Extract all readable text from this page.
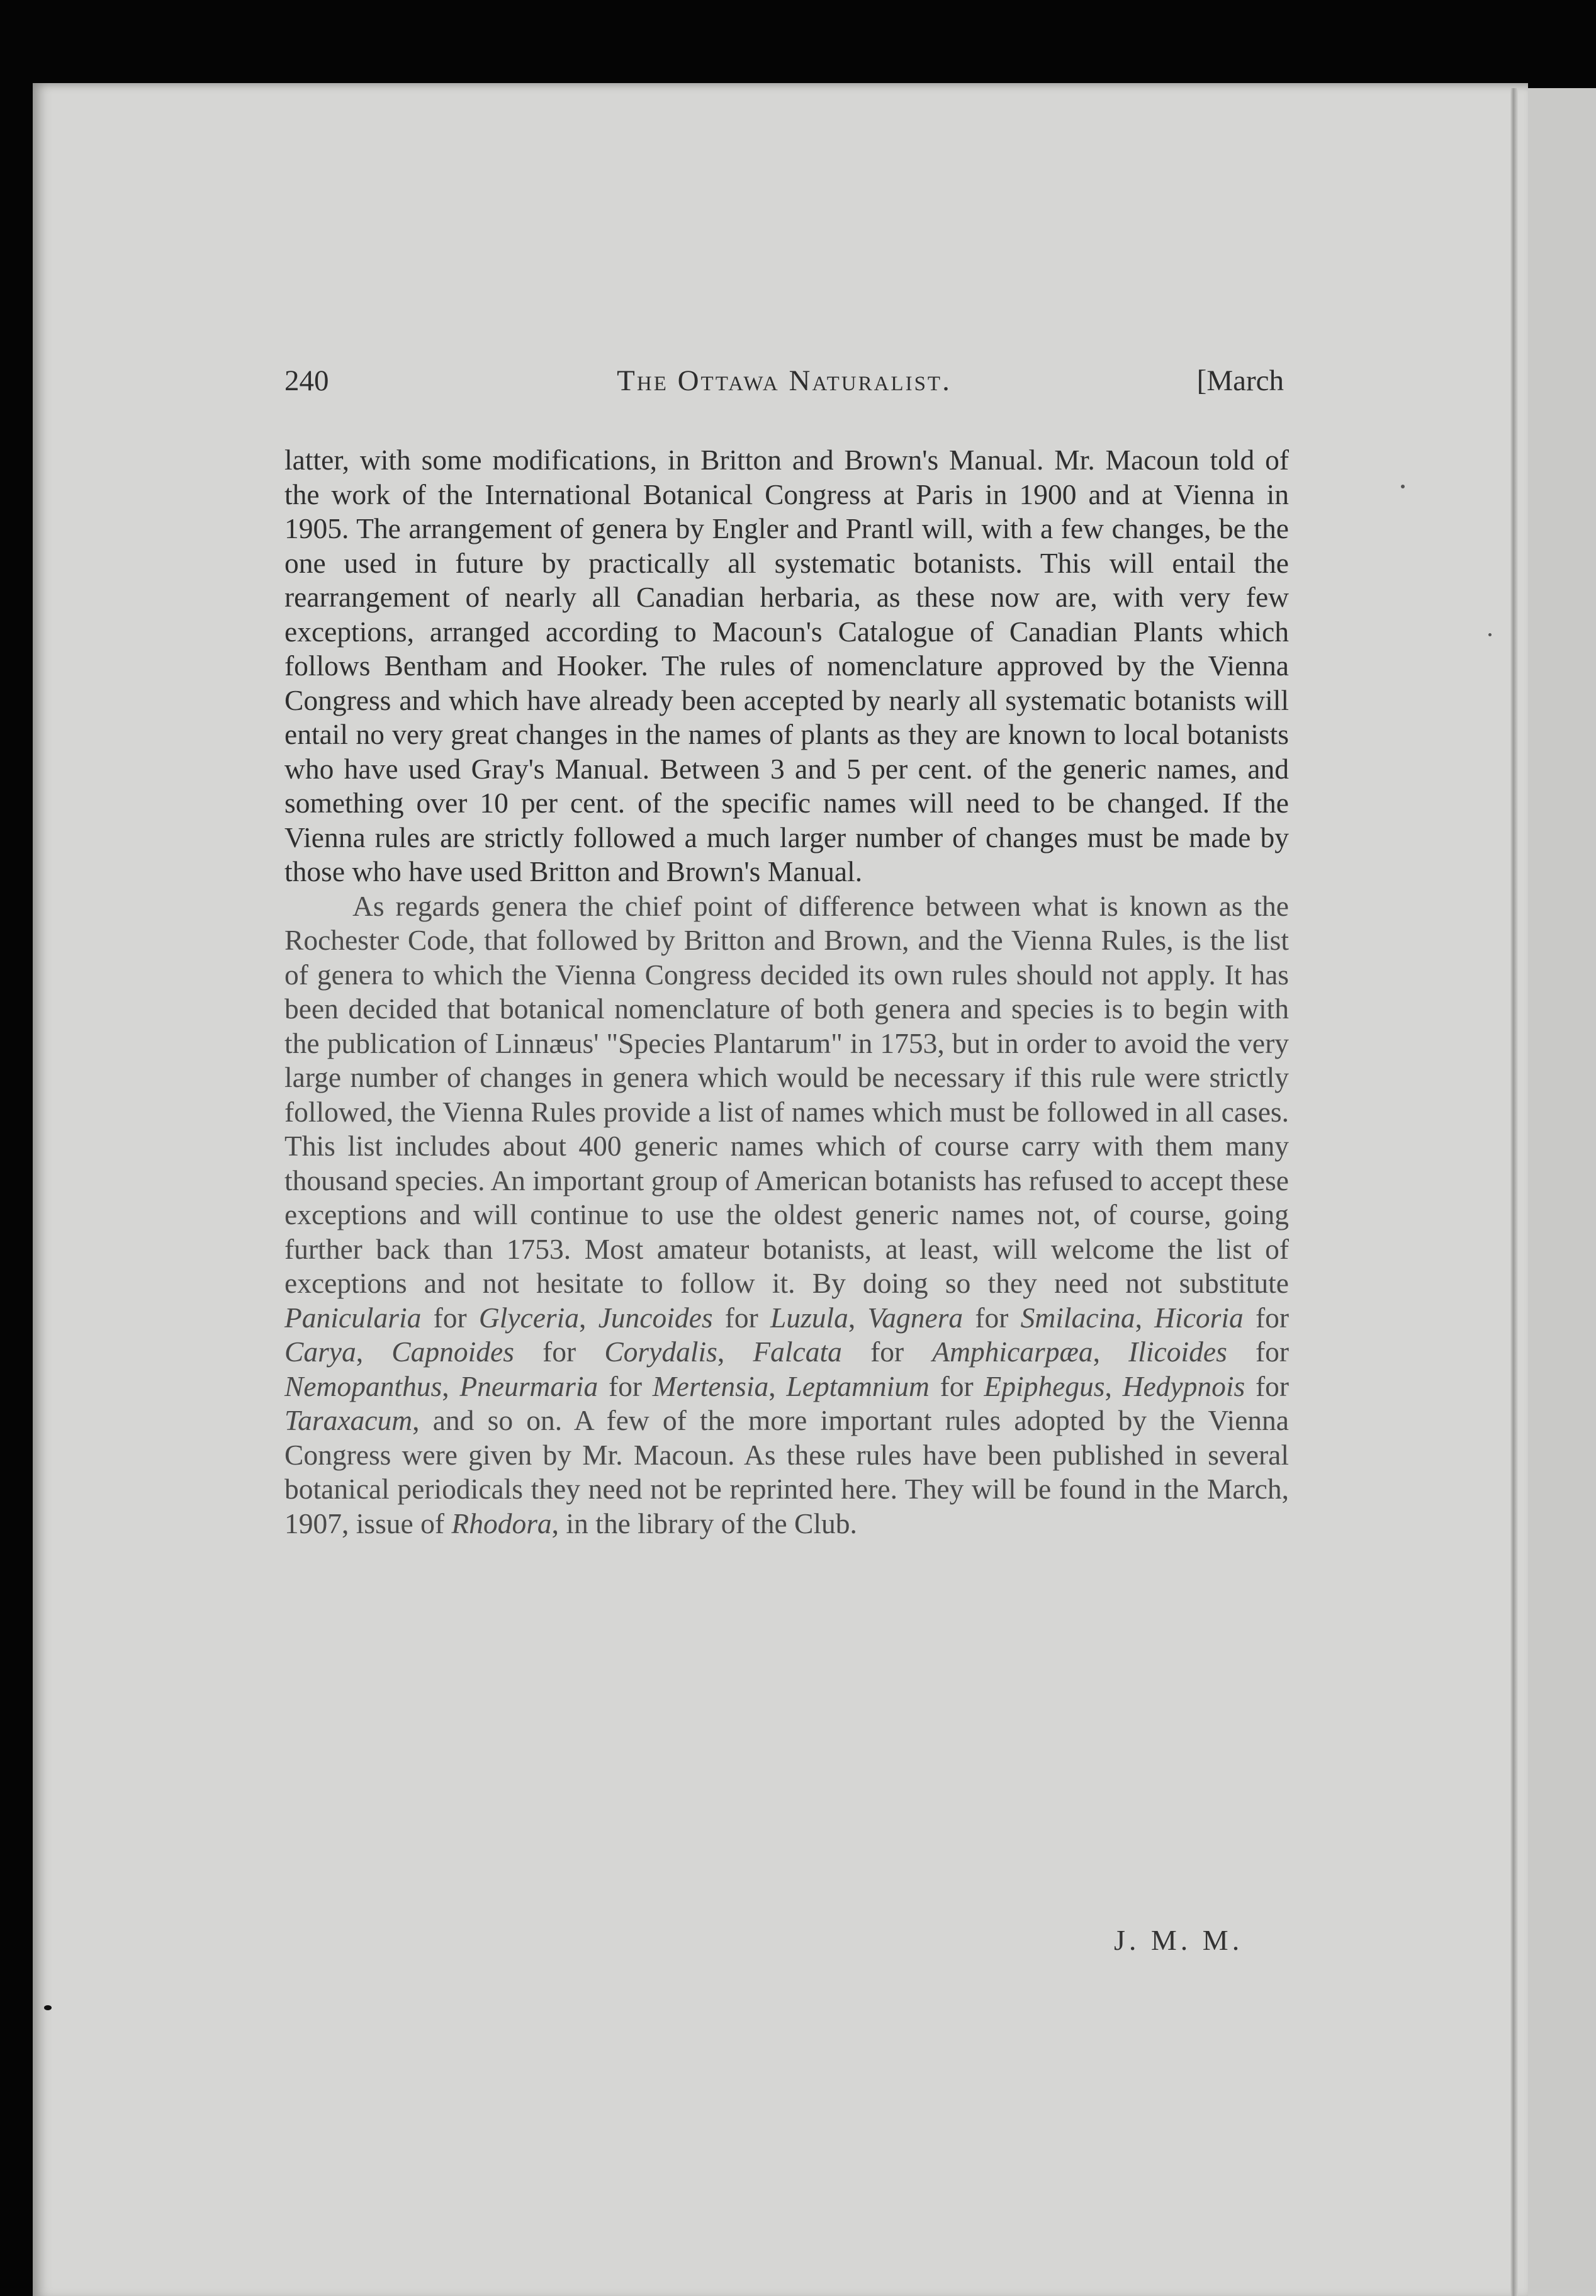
240	The Ottawa Naturalist.	[March

latter, with some modifications, in Britton and Brown's Manual. Mr. Macoun told of the work of the International Botanical Congress at Paris in 1900 and at Vienna in 1905. The arrangement of genera by Engler and Prantl will, with a few changes, be the one used in future by practically all systematic botanists. This will entail the rearrangement of nearly all Canadian herbaria, as these now are, with very few exceptions, arranged according to Macoun's Catalogue of Canadian Plants which follows Bentham and Hooker. The rules of nomenclature approved by the Vienna Congress and which have already been accepted by nearly all systematic botanists will entail no very great changes in the names of plants as they are known to local botanists who have used Gray's Manual. Between 3 and 5 per cent. of the generic names, and something over 10 per cent. of the specific names will need to be changed. If the Vienna rules are strictly followed a much larger number of changes must be made by those who have used Britton and Brown's Manual.

As regards genera the chief point of difference between what is known as the Rochester Code, that followed by Britton and Brown, and the Vienna Rules, is the list of genera to which the Vienna Congress decided its own rules should not apply. It has been decided that botanical nomenclature of both genera and species is to begin with the publication of Linnæus' "Species Plantarum" in 1753, but in order to avoid the very large number of changes in genera which would be necessary if this rule were strictly followed, the Vienna Rules provide a list of names which must be followed in all cases. This list includes about 400 generic names which of course carry with them many thousand species. An important group of American botanists has refused to accept these exceptions and will continue to use the oldest generic names not, of course, going further back than 1753. Most amateur botanists, at least, will welcome the list of exceptions and not hesitate to follow it. By doing so they need not substitute Panicularia for Glyceria, Juncoides for Luzula, Vagnera for Smilacina, Hicoria for Carya, Capnoides for Corydalis, Falcata for Amphicarpæa, Ilicoides for Nemopanthus, Pneurmaria for Mertensia, Leptamnium for Epiphegus, Hedypnois for Taraxacum, and so on. A few of the more important rules adopted by the Vienna Congress were given by Mr. Macoun. As these rules have been published in several botanical periodicals they need not be reprinted here. They will be found in the March, 1907, issue of Rhodora, in the library of the Club.

J. M. M.
